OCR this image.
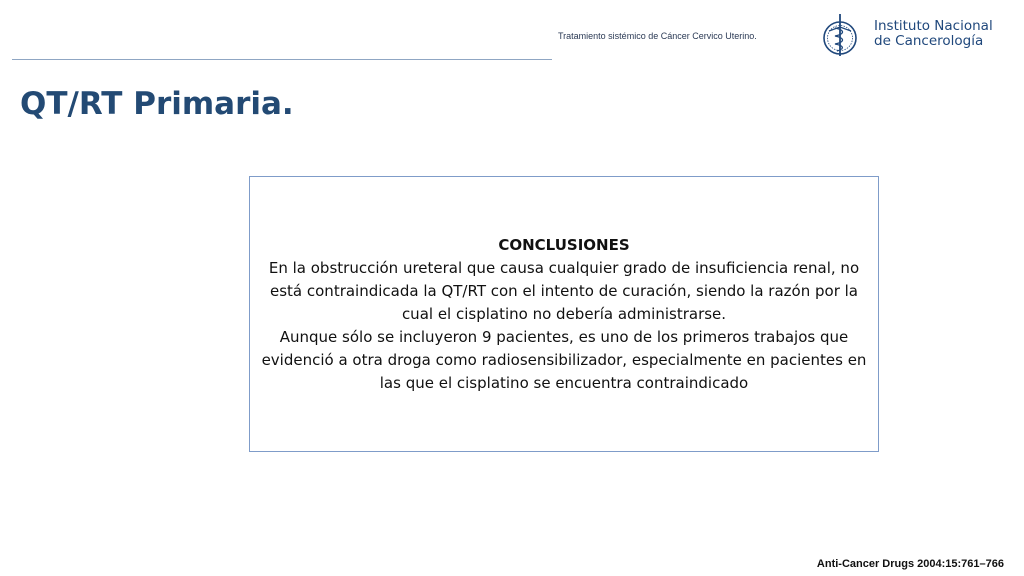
Tratamiento sistémico de Cáncer Cervico Uterino.
Instituto Nacional
de Cancerología
QT/RT Primaria.
CONCLUSIONES
En la obstrucción ureteral que causa cualquier grado de insuficiencia renal, no está contraindicada la QT/RT con el intento de curación, siendo la razón por la cual el cisplatino no debería administrarse.
Aunque sólo se incluyeron 9 pacientes, es uno de los primeros trabajos que evidenció a otra droga como radiosensibilizador, especialmente en pacientes en las que el cisplatino se encuentra contraindicado
Anti-Cancer Drugs 2004:15:761–766
